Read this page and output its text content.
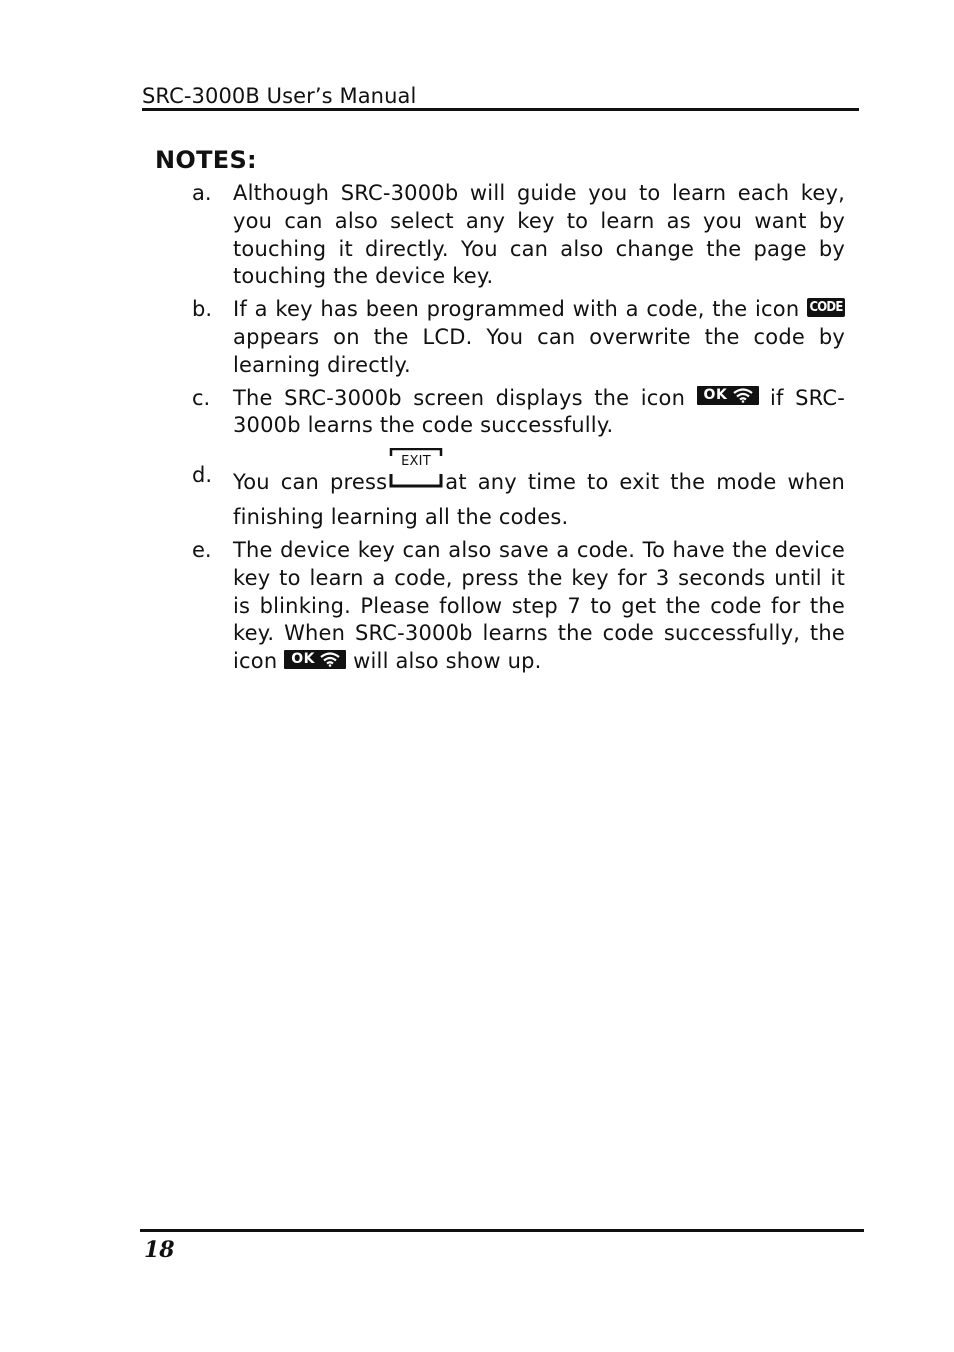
SRC-3000B User’s Manual
NOTES:
a.	Although SRC-3000b will guide you to learn each key, you can also select any key to learn as you want by touching it directly. You can also change the page by touching the device key.
b. If a key has been programmed with a code, the icon CODE appears on the LCD. You can overwrite the code by learning directly.
c.	The SRC-3000b screen displays the icon OK if SRC-3000b learns the code successfully.
d. You can press
EXIT
at any time to exit the mode when finishing learning all the codes.
e.	The device key can also save a code. To have the device key to learn a code, press the key for 3 seconds until it is blinking. Please follow step 7 to get the code for the key. When SRC-3000b learns the code successfully, the icon OK will also show up.
18
